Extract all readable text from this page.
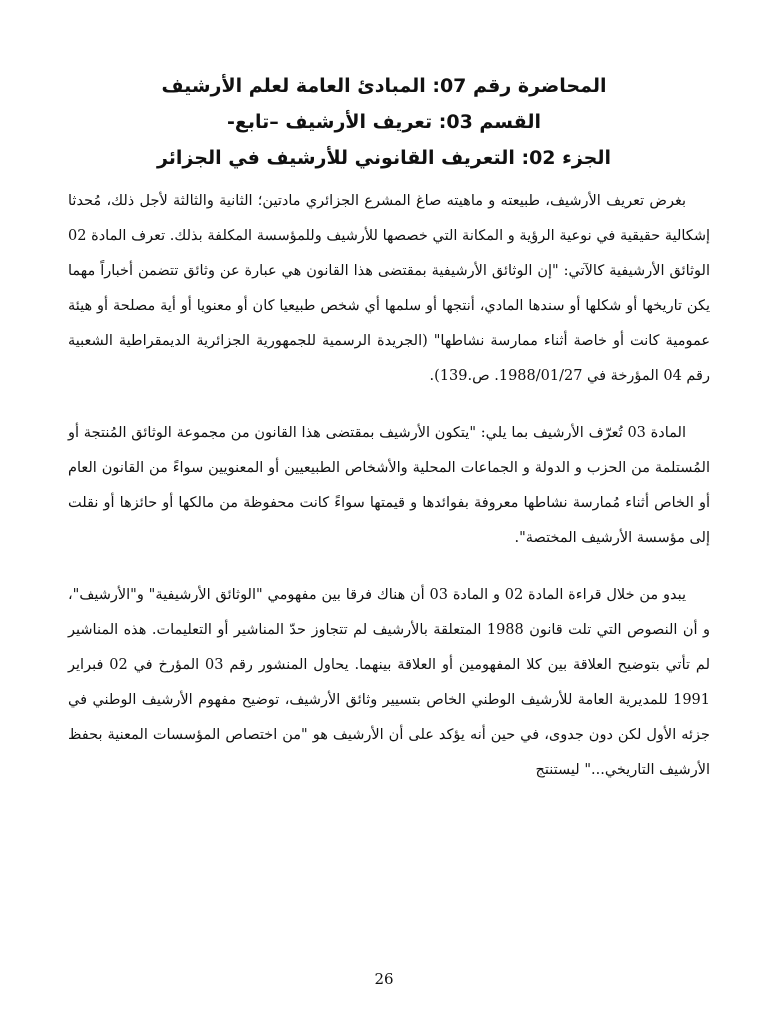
المحاضرة رقم 07: المبادئ العامة لعلم الأرشيف
القسم 03: تعريف الأرشيف –تابع-
الجزء 02: التعريف القانوني للأرشيف في الجزائر

بغرض تعريف الأرشيف، طبيعته و ماهيته صاغ المشرع الجزائري مادتين؛ الثانية والثالثة لأجل ذلك، مُحدثا إشكالية حقيقية في نوعية الرؤية و المكانة التي خصصها للأرشيف وللمؤسسة المكلفة بذلك. تعرف المادة 02 الوثائق الأرشيفية كالآتي: "إن الوثائق الأرشيفية بمقتضى هذا القانون هي عبارة عن وثائق تتضمن أخباراً مهما يكن تاريخها أو شكلها أو سندها المادي، أنتجها أو سلمها أي شخص طبيعيا كان أو معنويا أو أية مصلحة أو هيئة عمومية كانت أو خاصة أثناء ممارسة نشاطها" (الجريدة الرسمية للجمهورية الجزائرية الديمقراطية الشعبية رقم 04 المؤرخة في 1988/01/27. ص.139).

المادة 03 تُعرّف الأرشيف بما يلي: "يتكون الأرشيف بمقتضى هذا القانون من مجموعة الوثائق المُنتجة أو المُستلمة من الحزب و الدولة و الجماعات المحلية والأشخاص الطبيعيين أو المعنويين سواءً من القانون العام أو الخاص أثناء مُمارسة نشاطها معروفة بفوائدها و قيمتها سواءً كانت محفوظة من مالكها أو حائزها أو نقلت إلى مؤسسة الأرشيف المختصة".

يبدو من خلال قراءة المادة 02 و المادة 03 أن هناك فرقا بين مفهومي "الوثائق الأرشيفية" و"الأرشيف"، و أن النصوص التي تلت قانون 1988 المتعلقة بالأرشيف لم تتجاوز حدّ المناشير أو التعليمات. هذه المناشير لم تأتي بتوضيح العلاقة بين كلا المفهومين أو العلاقة بينهما. يحاول المنشور رقم 03 المؤرخ في 02 فبراير 1991 للمديرية العامة للأرشيف الوطني الخاص بتسيير وثائق الأرشيف، توضيح مفهوم الأرشيف الوطني في جزئه الأول لكن دون جدوى، في حين أنه يؤكد على أن الأرشيف هو "من اختصاص المؤسسات المعنية بحفظ الأرشيف التاريخي..." ليستنتج

26
